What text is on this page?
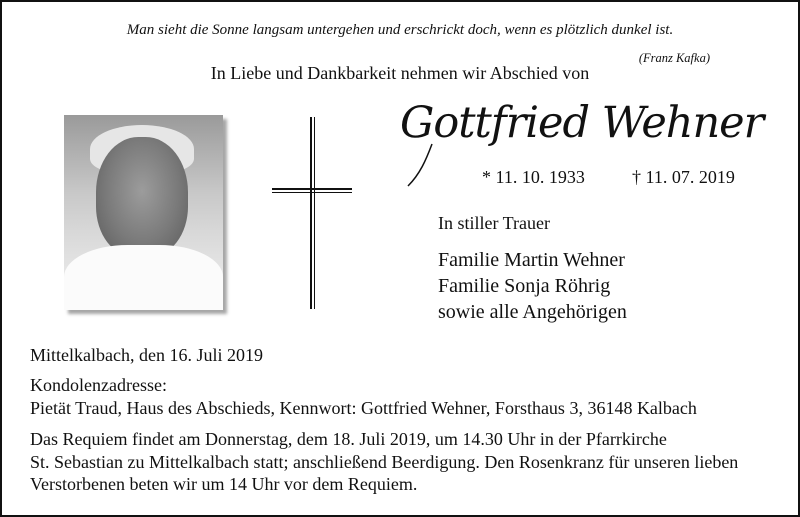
Man sieht die Sonne langsam untergehen und erschrickt doch, wenn es plötzlich dunkel ist.
(Franz Kafka)
In Liebe und Dankbarkeit nehmen wir Abschied von
Gottfried Wehner
* 11. 10. 1933	† 11. 07. 2019
In stiller Trauer
Familie Martin Wehner
Familie Sonja Röhrig
sowie alle Angehörigen
Mittelkalbach, den 16. Juli 2019
Kondolenzadresse:
Pietät Traud, Haus des Abschieds, Kennwort: Gottfried Wehner, Forsthaus 3, 36148 Kalbach
Das Requiem findet am Donnerstag, dem 18. Juli 2019, um 14.30 Uhr in der Pfarrkirche
St. Sebastian zu Mittelkalbach statt; anschließend Beerdigung. Den Rosenkranz für unseren lieben
Verstorbenen beten wir um 14 Uhr vor dem Requiem.
